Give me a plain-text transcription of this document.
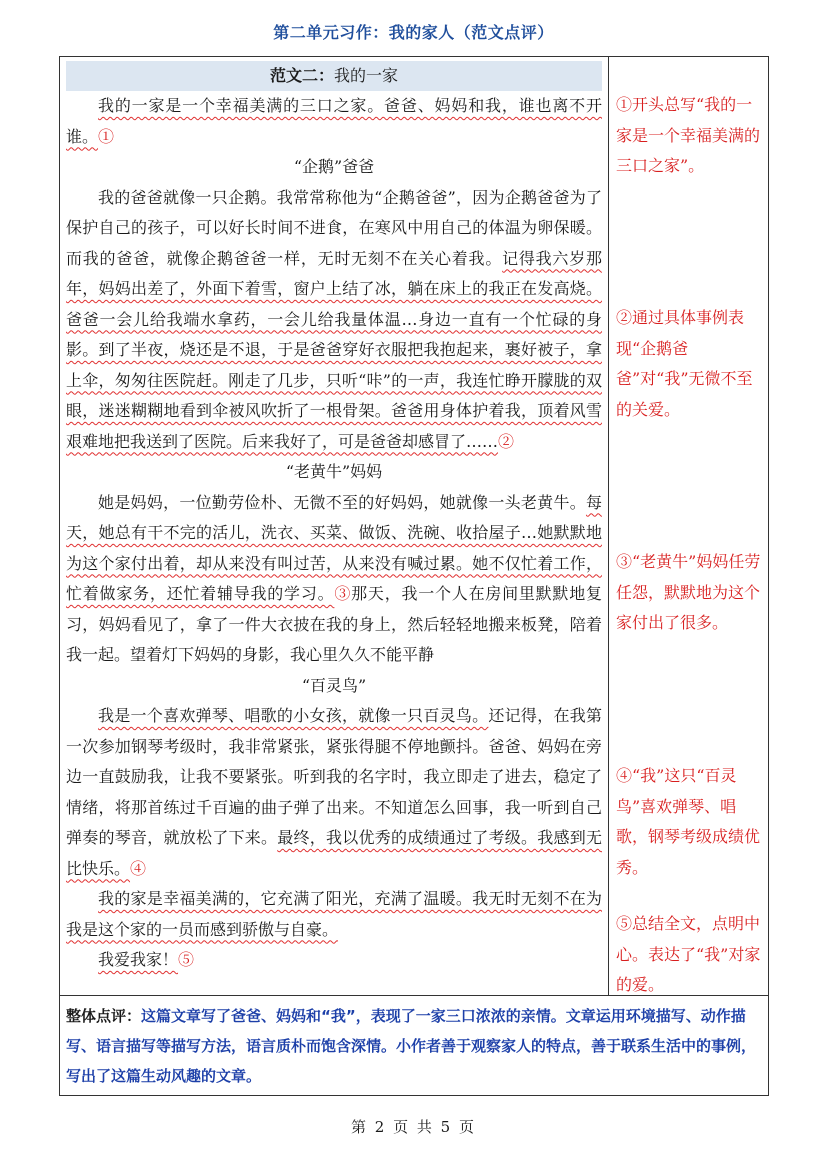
第二单元习作：我的家人（范文点评）
范文二：我的一家

我的一家是一个幸福美满的三口之家。爸爸、妈妈和我，谁也离不开谁。①

“企鹅”爸爸

我的爸爸就像一只企鹅。我常常称他为“企鹅爸爸”，因为企鹅爸爸为了保护自己的孩子，可以好长时间不进食，在寒风中用自己的体温为卵保暖。而我的爸爸，就像企鹅爸爸一样，无时无刻不在关心着我。记得我六岁那年，妈妈出差了，外面下着雪，窗户上结了冰，躺在床上的我正在发高烧。爸爸一会儿给我端水拿药，一会儿给我量体温…身边一直有一个忙碌的身影。到了半夜，烧还是不退，于是爸爸穿好衣服把我抱起来，裹好被子，拿上伞，匆匆往医院赶。刚走了几步，只听“咔”的一声，我连忙睁开朦胧的双眼，迷迷糊糊地看到伞被风吹折了一根骨架。爸爸用身体护着我，顶着风雪艰难地把我送到了医院。后来我好了，可是爸爸却感冒了……②

“老黄牛”妈妈

她是妈妈，一位勤劳俭朴、无微不至的好妈妈，她就像一头老黄牛。每天，她总有干不完的活儿，洗衣、买菜、做饭、洗碗、收拾屋子…她默默地为这个家付出着，却从来没有叫过苦，从来没有喊过累。她不仅忙着工作，忙着做家务，还忙着辅导我的学习。③那天，我一个人在房间里默默地复习，妈妈看见了，拿了一件大衣披在我的身上，然后轻轻地搬来板凳，陪着我一起。望着灯下妈妈的身影，我心里久久不能平静

“百灵鸟”

我是一个喜欢弹琴、唱歌的小女孩，就像一只百灵鸟。还记得，在我第一次参加钢琴考级时，我非常紧张，紧张得腿不停地颤抖。爸爸、妈妈在旁边一直鼓励我，让我不要紧张。听到我的名字时，我立即走了进去，稳定了情绪，将那首练过千百遍的曲子弹了出来。不知道怎么回事，我一听到自己弹奏的琴音，就放松了下来。最终，我以优秀的成绩通过了考级。我感到无比快乐。④

我的家是幸福美满的，它充满了阳光，充满了温暖。我无时无刻不在为我是这个家的一员而感到骄傲与自豪。

我爱我家！⑤

①开头总写“我的一家是一个幸福美满的三口之家”。
②通过具体事例表现“企鹅爸爸”对“我”无微不至的关爱。
③“老黄牛”妈妈任劳任怨，默默地为这个家付出了很多。
④“我”这只“百灵鸟”喜欢弹琴、唱歌，钢琴考级成绩优秀。
⑤总结全文，点明中心。表达了“我”对家的爱。
整体点评：这篇文章写了爸爸、妈妈和“我”，表现了一家三口浓浓的亲情。文章运用环境描写、动作描写、语言描写等描写方法，语言质朴而饱含深情。小作者善于观察家人的特点，善于联系生活中的事例，写出了这篇生动风趣的文章。
第 2 页 共 5 页
